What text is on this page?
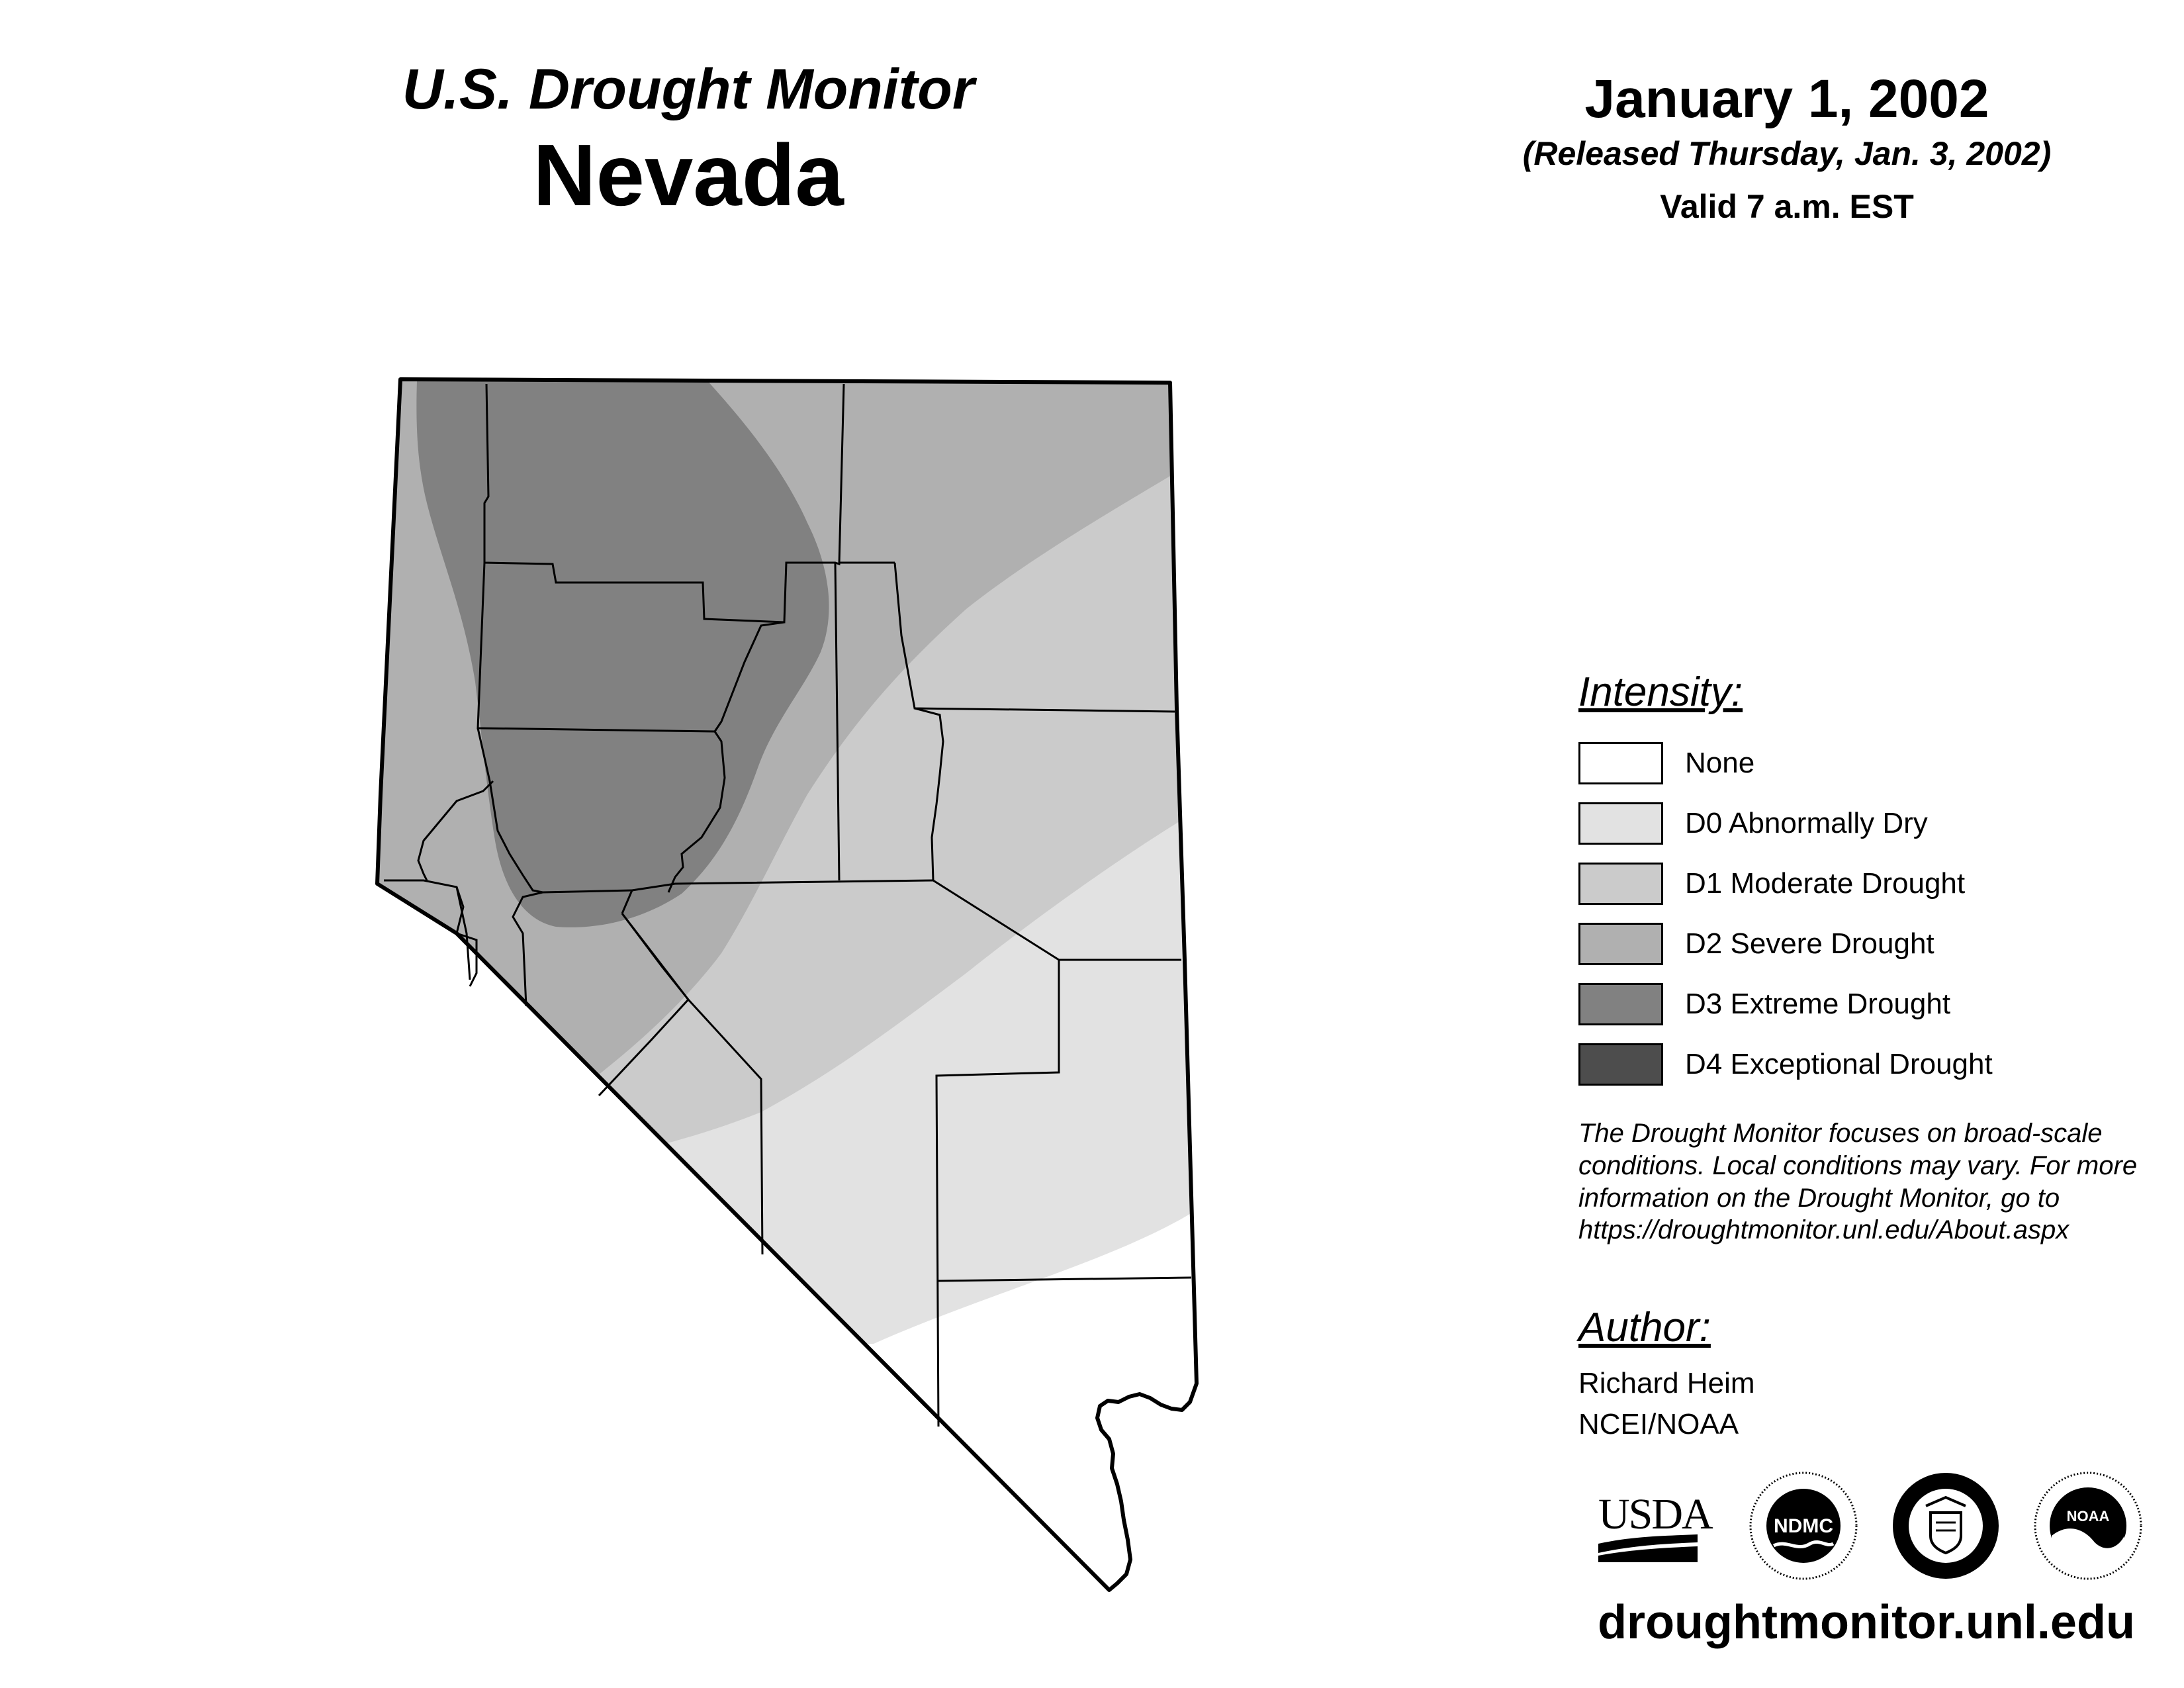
U.S. Drought Monitor
Nevada
January 1, 2002
(Released Thursday, Jan. 3, 2002)
Valid 7 a.m. EST
Intensity:
None
D0 Abnormally Dry
D1 Moderate Drought
D2 Severe Drought
D3 Extreme Drought
D4 Exceptional Drought
The Drought Monitor focuses on broad-scale
conditions. Local conditions may vary. For more
information on the Drought Monitor, go to
https://droughtmonitor.unl.edu/About.aspx
Author:
Richard Heim
NCEI/NOAA
USDA	NDMC	NOAA
droughtmonitor.unl.edu
